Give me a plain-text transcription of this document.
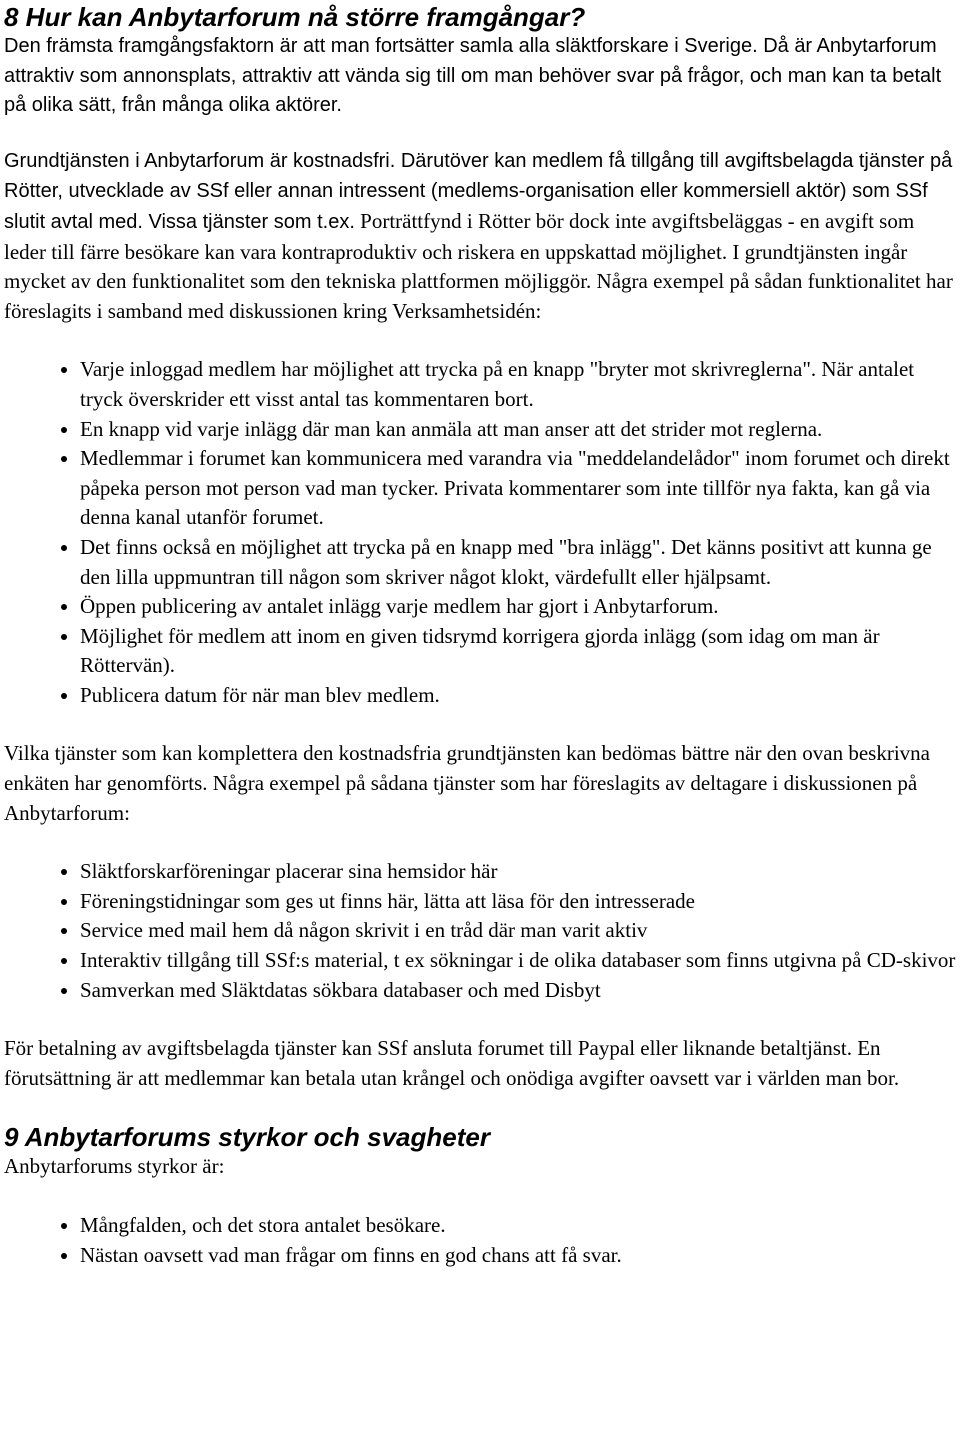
8 Hur kan Anbytarforum nå större framgångar?

Den främsta framgångsfaktorn är att man fortsätter samla alla släktforskare i Sverige. Då är Anbytarforum attraktiv som annonsplats, attraktiv att vända sig till om man behöver svar på frågor, och man kan ta betalt på olika sätt, från många olika aktörer.

Grundtjänsten i Anbytarforum är kostnadsfri. Därutöver kan medlem få tillgång till avgiftsbelagda tjänster på Rötter, utvecklade av SSf eller annan intressent (medlems-organisation eller kommersiell aktör) som SSf slutit avtal med. Vissa tjänster som t.ex. Porträttfynd i Rötter bör dock inte avgiftsbeläggas - en avgift som leder till färre besökare kan vara kontraproduktiv och riskera en uppskattad möjlighet. I grundtjänsten ingår mycket av den funktionalitet som den tekniska plattformen möjliggör. Några exempel på sådan funktionalitet har föreslagits i samband med diskussionen kring Verksamhetsidén:

• Varje inloggad medlem har möjlighet att trycka på en knapp "bryter mot skrivreglerna". När antalet tryck överskrider ett visst antal tas kommentaren bort.
• En knapp vid varje inlägg där man kan anmäla att man anser att det strider mot reglerna.
• Medlemmar i forumet kan kommunicera med varandra via "meddelandelådor" inom forumet och direkt påpeka person mot person vad man tycker. Privata kommentarer som inte tillför nya fakta, kan gå via denna kanal utanför forumet.
• Det finns också en möjlighet att trycka på en knapp med "bra inlägg". Det känns positivt att kunna ge den lilla uppmuntran till någon som skriver något klokt, värdefullt eller hjälpsamt.
• Öppen publicering av antalet inlägg varje medlem har gjort i Anbytarforum.
• Möjlighet för medlem att inom en given tidsrymd korrigera gjorda inlägg (som idag om man är Röttervän).
• Publicera datum för när man blev medlem.

Vilka tjänster som kan komplettera den kostnadsfria grundtjänsten kan bedömas bättre när den ovan beskrivna enkäten har genomförts. Några exempel på sådana tjänster som har föreslagits av deltagare i diskussionen på Anbytarforum:

• Släktforskarföreningar placerar sina hemsidor här
• Föreningstidningar som ges ut finns här, lätta att läsa för den intresserade
• Service med mail hem då någon skrivit i en tråd där man varit aktiv
• Interaktiv tillgång till SSf:s material, t ex sökningar i de olika databaser som finns utgivna på CD-skivor
• Samverkan med Släktdatas sökbara databaser och med Disbyt

För betalning av avgiftsbelagda tjänster kan SSf ansluta forumet till Paypal eller liknande betaltjänst. En förutsättning är att medlemmar kan betala utan krångel och onödiga avgifter oavsett var i världen man bor.

9 Anbytarforums styrkor och svagheter

Anbytarforums styrkor är:

• Mångfalden, och det stora antalet besökare.
• Nästan oavsett vad man frågar om finns en god chans att få svar.
